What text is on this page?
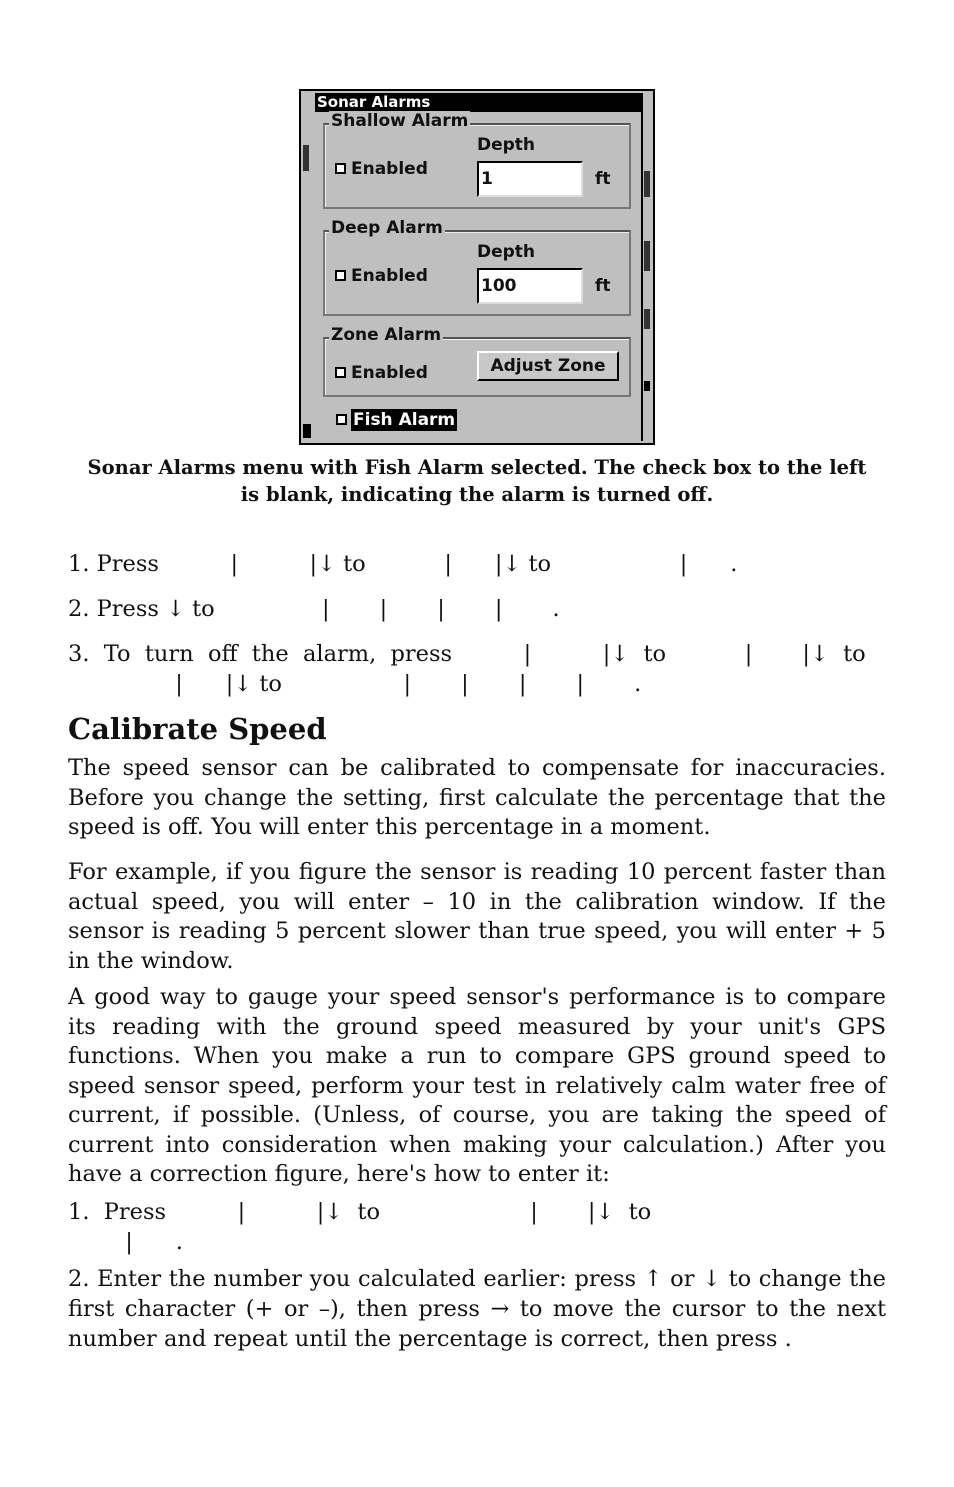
Sonar Alarms
Shallow Alarm
Enabled
Depth
1	ft
Deep Alarm
Enabled
Depth
100	ft
Zone Alarm
Enabled	Adjust Zone
Fish Alarm
Sonar Alarms menu with Fish Alarm selected. The check box to the left
is blank, indicating the alarm is turned off.
1. Press          |          |↓ to           |      |↓ to                  |      .
2. Press ↓ to               |       |       |       |       .
3.  To  turn  off  the  alarm,  press          |          |↓  to           |       |↓  to
|      |↓ to                 |       |       |       |       .
Calibrate Speed
The speed sensor can be calibrated to compensate for inaccuracies. Before you change the setting, first calculate the percentage that the speed is off. You will enter this percentage in a moment.
For example, if you figure the sensor is reading 10 percent faster than actual speed, you will enter – 10 in the calibration window. If the sensor is reading 5 percent slower than true speed, you will enter + 5 in the window.
A good way to gauge your speed sensor's performance is to compare its reading with the ground speed measured by your unit's GPS functions. When you make a run to compare GPS ground speed to speed sensor speed, perform your test in relatively calm water free of current, if possible. (Unless, of course, you are taking the speed of current into consideration when making your calculation.) After you have a correction figure, here's how to enter it:
1.  Press          |          |↓  to                     |       |↓  to
|      .
2. Enter the number you calculated earlier: press ↑ or ↓ to change the first character (+ or –), then press → to move the cursor to the next number and repeat until the percentage is correct, then press .
